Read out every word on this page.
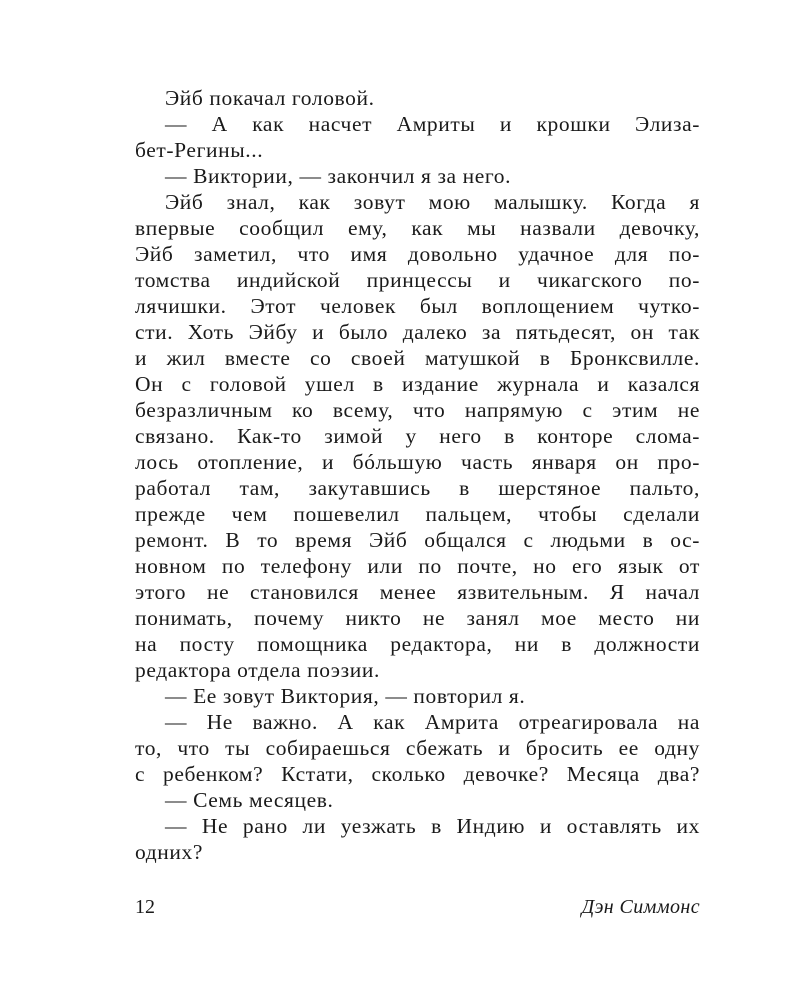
Эйб покачал головой.
— А как насчет Амриты и крошки Элиза-
бет-Регины...
— Виктории, — закончил я за него.
Эйб знал, как зовут мою малышку. Когда я
впервые сообщил ему, как мы назвали девочку,
Эйб заметил, что имя довольно удачное для по-
томства индийской принцессы и чикагского по-
лячишки. Этот человек был воплощением чутко-
сти. Хоть Эйбу и было далеко за пятьдесят, он так
и жил вместе со своей матушкой в Бронксвилле.
Он с головой ушел в издание журнала и казался
безразличным ко всему, что напрямую с этим не
связано. Как-то зимой у него в конторе слома-
лось отопление, и бóльшую часть января он про-
работал там, закутавшись в шерстяное пальто,
прежде чем пошевелил пальцем, чтобы сделали
ремонт. В то время Эйб общался с людьми в ос-
новном по телефону или по почте, но его язык от
этого не становился менее язвительным. Я начал
понимать, почему никто не занял мое место ни
на посту помощника редактора, ни в должности
редактора отдела поэзии.
— Ее зовут Виктория, — повторил я.
— Не важно. А как Амрита отреагировала на
то, что ты собираешься сбежать и бросить ее одну
с ребенком? Кстати, сколько девочке? Месяца два?
— Семь месяцев.
— Не рано ли уезжать в Индию и оставлять их
одних?
12	Дэн Симмонс
